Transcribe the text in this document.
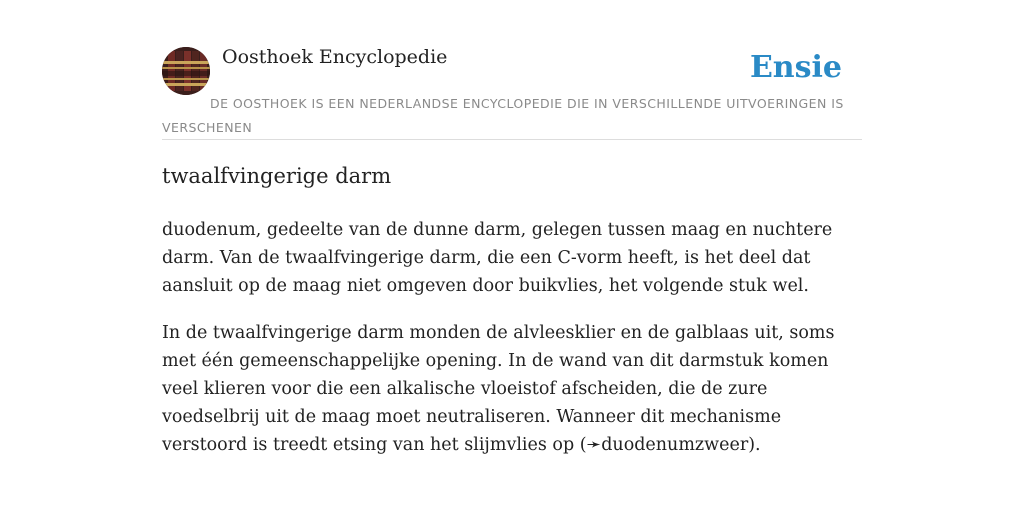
Oosthoek Encyclopedie	Ensie

DE OOSTHOEK IS EEN NEDERLANDSE ENCYCLOPEDIE DIE IN VERSCHILLENDE UITVOERINGEN IS VERSCHENEN

twaalfvingerige darm

duodenum, gedeelte van de dunne darm, gelegen tussen maag en nuchtere darm. Van de twaalfvingerige darm, die een C-vorm heeft, is het deel dat aansluit op de maag niet omgeven door buikvlies, het volgende stuk wel.

In de twaalfvingerige darm monden de alvleesklier en de galblaas uit, soms met één gemeenschappelijke opening. In de wand van dit darmstuk komen veel klieren voor die een alkalische vloeistof afscheiden, die de zure voedselbrij uit de maag moet neutraliseren. Wanneer dit mechanisme verstoord is treedt etsing van het slijmvlies op (➛duodenumzweer).
